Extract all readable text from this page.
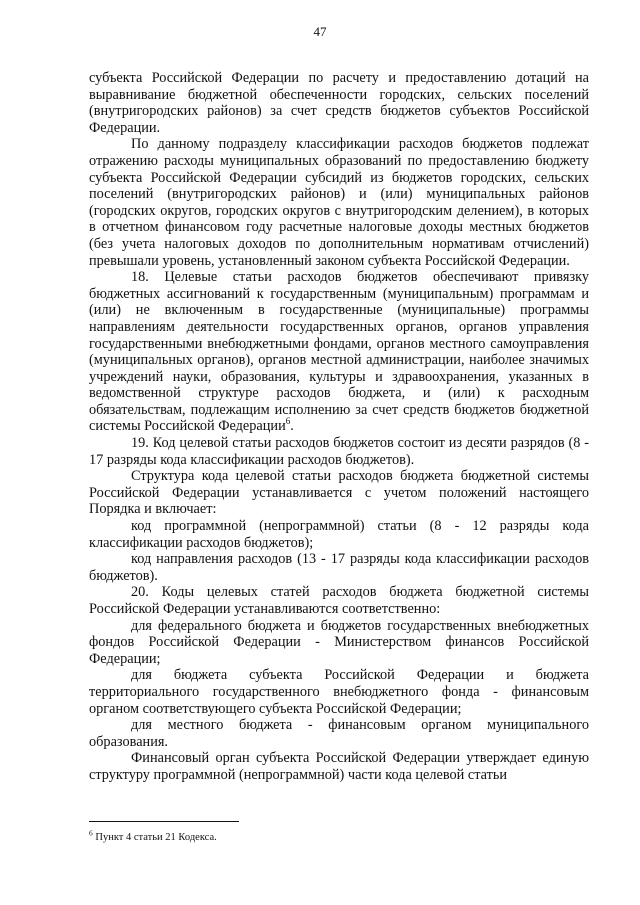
47

субъекта Российской Федерации по расчету и предоставлению дотаций на выравнивание бюджетной обеспеченности городских, сельских поселений (внутригородских районов) за счет средств бюджетов субъектов Российской Федерации.

По данному подразделу классификации расходов бюджетов подлежат отражению расходы муниципальных образований по предоставлению бюджету субъекта Российской Федерации субсидий из бюджетов городских, сельских поселений (внутригородских районов) и (или) муниципальных районов (городских округов, городских округов с внутригородским делением), в которых в отчетном финансовом году расчетные налоговые доходы местных бюджетов (без учета налоговых доходов по дополнительным нормативам отчислений) превышали уровень, установленный законом субъекта Российской Федерации.

18. Целевые статьи расходов бюджетов обеспечивают привязку бюджетных ассигнований к государственным (муниципальным) программам и (или) не включенным в государственные (муниципальные) программы направлениям деятельности государственных органов, органов управления государственными внебюджетными фондами, органов местного самоуправления (муниципальных органов), органов местной администрации, наиболее значимых учреждений науки, образования, культуры и здравоохранения, указанных в ведомственной структуре расходов бюджета, и (или) к расходным обязательствам, подлежащим исполнению за счет средств бюджетов бюджетной системы Российской Федерации$^6$.

19. Код целевой статьи расходов бюджетов состоит из десяти разрядов (8 - 17 разряды кода классификации расходов бюджетов).

Структура кода целевой статьи расходов бюджета бюджетной системы Российской Федерации устанавливается с учетом положений настоящего Порядка и включает:

код программной (непрограммной) статьи (8 - 12 разряды кода классификации расходов бюджетов);

код направления расходов (13 - 17 разряды кода классификации расходов бюджетов).

20. Коды целевых статей расходов бюджета бюджетной системы Российской Федерации устанавливаются соответственно:

для федерального бюджета и бюджетов государственных внебюджетных фондов Российской Федерации - Министерством финансов Российской Федерации;

для бюджета субъекта Российской Федерации и бюджета территориального государственного внебюджетного фонда - финансовым органом соответствующего субъекта Российской Федерации;

для местного бюджета - финансовым органом муниципального образования.

Финансовый орган субъекта Российской Федерации утверждает единую структуру программной (непрограммной) части кода целевой статьи

$^6$ Пункт 4 статьи 21 Кодекса.
